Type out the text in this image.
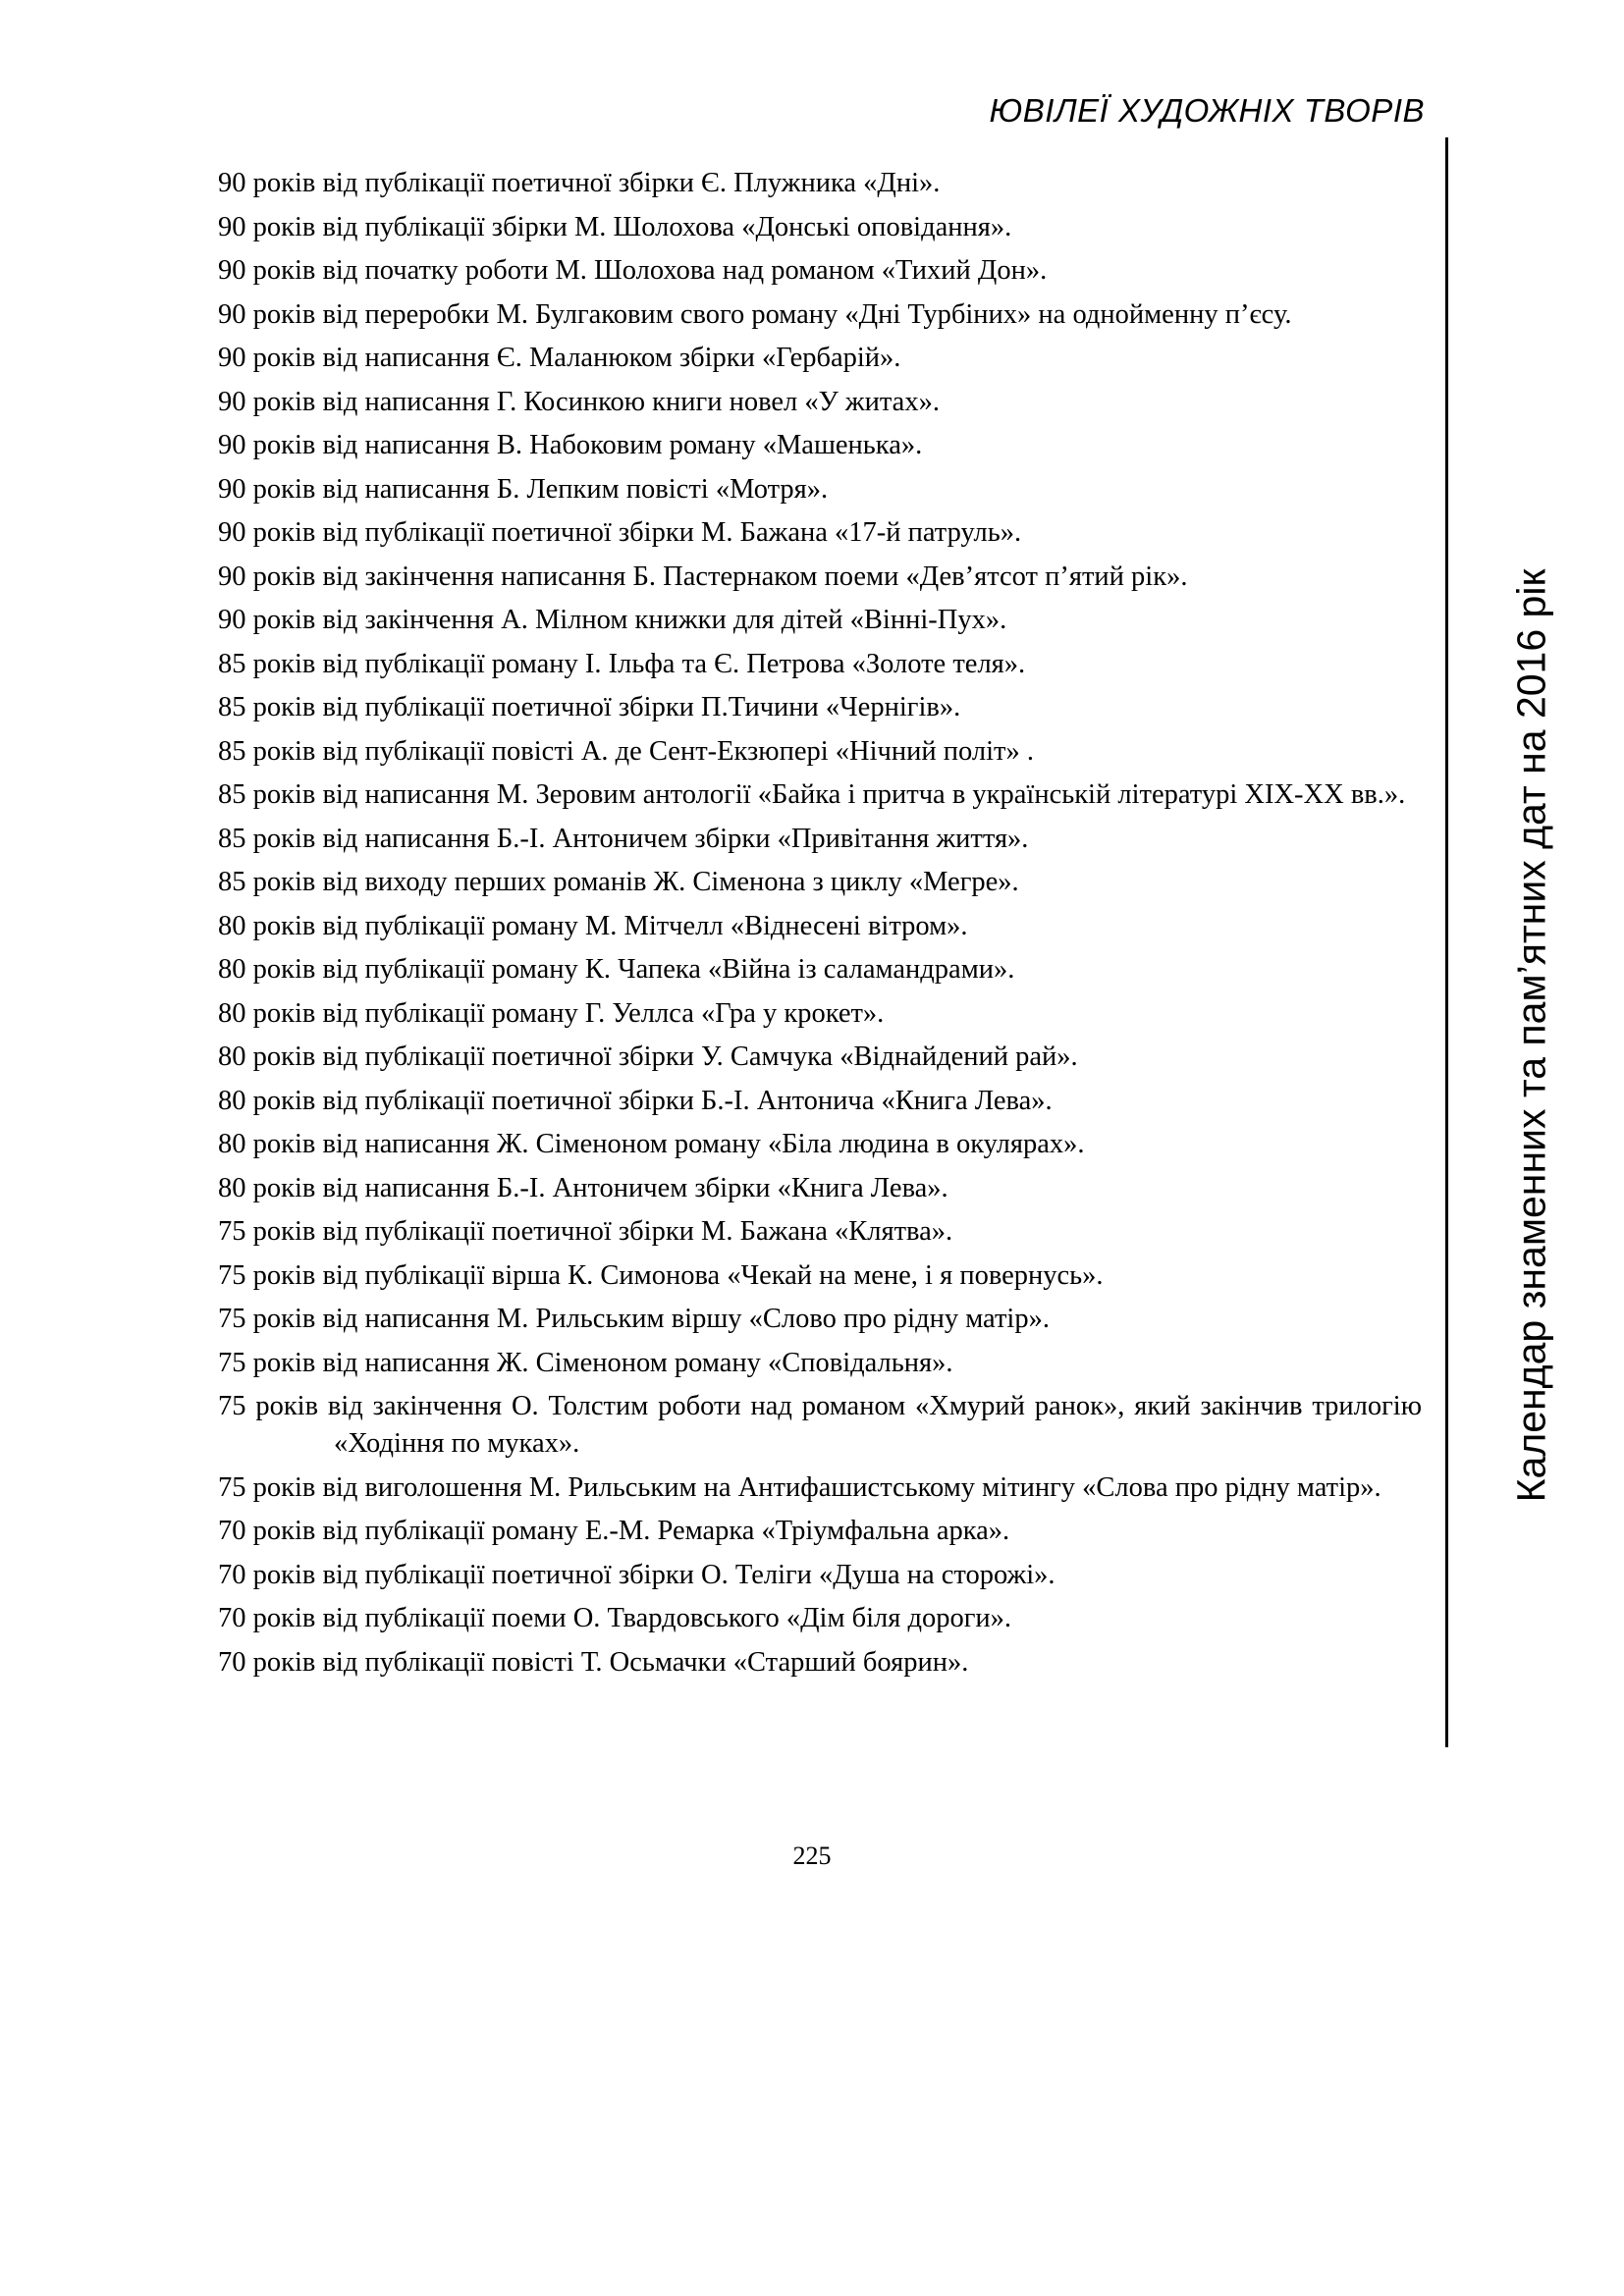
ЮВІЛЕЇ ХУДОЖНІХ ТВОРІВ
Календар знаменних та пам’ятних дат на 2016 рік

90 років від публікації поетичної збірки Є. Плужника «Дні».

90 років від публікації збірки М. Шолохова «Донські оповідання».

90 років від початку роботи М. Шолохова над романом «Тихий Дон».

90 років від переробки М. Булгаковим свого роману «Дні Турбіних» на однойменну п’єсу.

90 років від написання Є. Маланюком збірки «Гербарій».

90 років від написання Г. Косинкою книги новел «У житах».

90 років від написання В. Набоковим роману «Машенька».

90 років від написання Б. Лепким повісті «Мотря».

90 років від публікації поетичної збірки М. Бажана «17-й патруль».

90 років від закінчення написання Б. Пастернаком поеми «Дев’ятсот п’ятий рік».

90 років від закінчення А. Мілном книжки для дітей «Вінні-Пух».

85 років від публікації роману І. Ільфа та Є. Петрова «Золоте теля».

85 років від публікації поетичної збірки П.Тичини «Чернігів».

85 років від публікації повісті А. де Сент-Екзюпері «Нічний політ» .

85 років від написання М. Зеровим антології «Байка і притча в українській літературі XIX-XX вв.».

85 років від написання Б.-І. Антоничем збірки «Привітання життя».

85 років від виходу перших романів Ж. Сіменона з циклу «Мегре».

80 років від публікації роману М. Мітчелл «Віднесені вітром».

80 років від публікації роману К. Чапека «Війна із саламандрами».

80 років від публікації роману Г. Уеллса «Гра у крокет».

80 років від публікації поетичної збірки У. Самчука «Віднайдений рай».

80 років від публікації поетичної збірки Б.-І. Антонича «Книга Лева».

80 років від написання Ж. Сіменоном роману «Біла людина в окулярах».

80 років від написання Б.-І. Антоничем збірки «Книга Лева».

75 років від публікації поетичної збірки М. Бажана «Клятва».

75 років від публікації вірша К. Симонова «Чекай на мене, і я повернусь».

75 років від написання М. Рильським віршу «Слово про рідну матір».

75 років від написання Ж. Сіменоном роману «Сповідальня».

75 років від закінчення О. Толстим роботи над романом «Хмурий ранок», який закінчив трилогію «Ходіння по муках».

75 років від виголошення М. Рильським на Антифашистському мітингу «Слова про рідну матір».

70 років від публікації роману Е.-М. Ремарка «Тріумфальна арка».

70 років від публікації поетичної збірки О. Теліги «Душа на сторожі».

70 років від публікації поеми О. Твардовського «Дім біля дороги».

70 років від публікації повісті Т. Осьмачки «Старший боярин».

225
